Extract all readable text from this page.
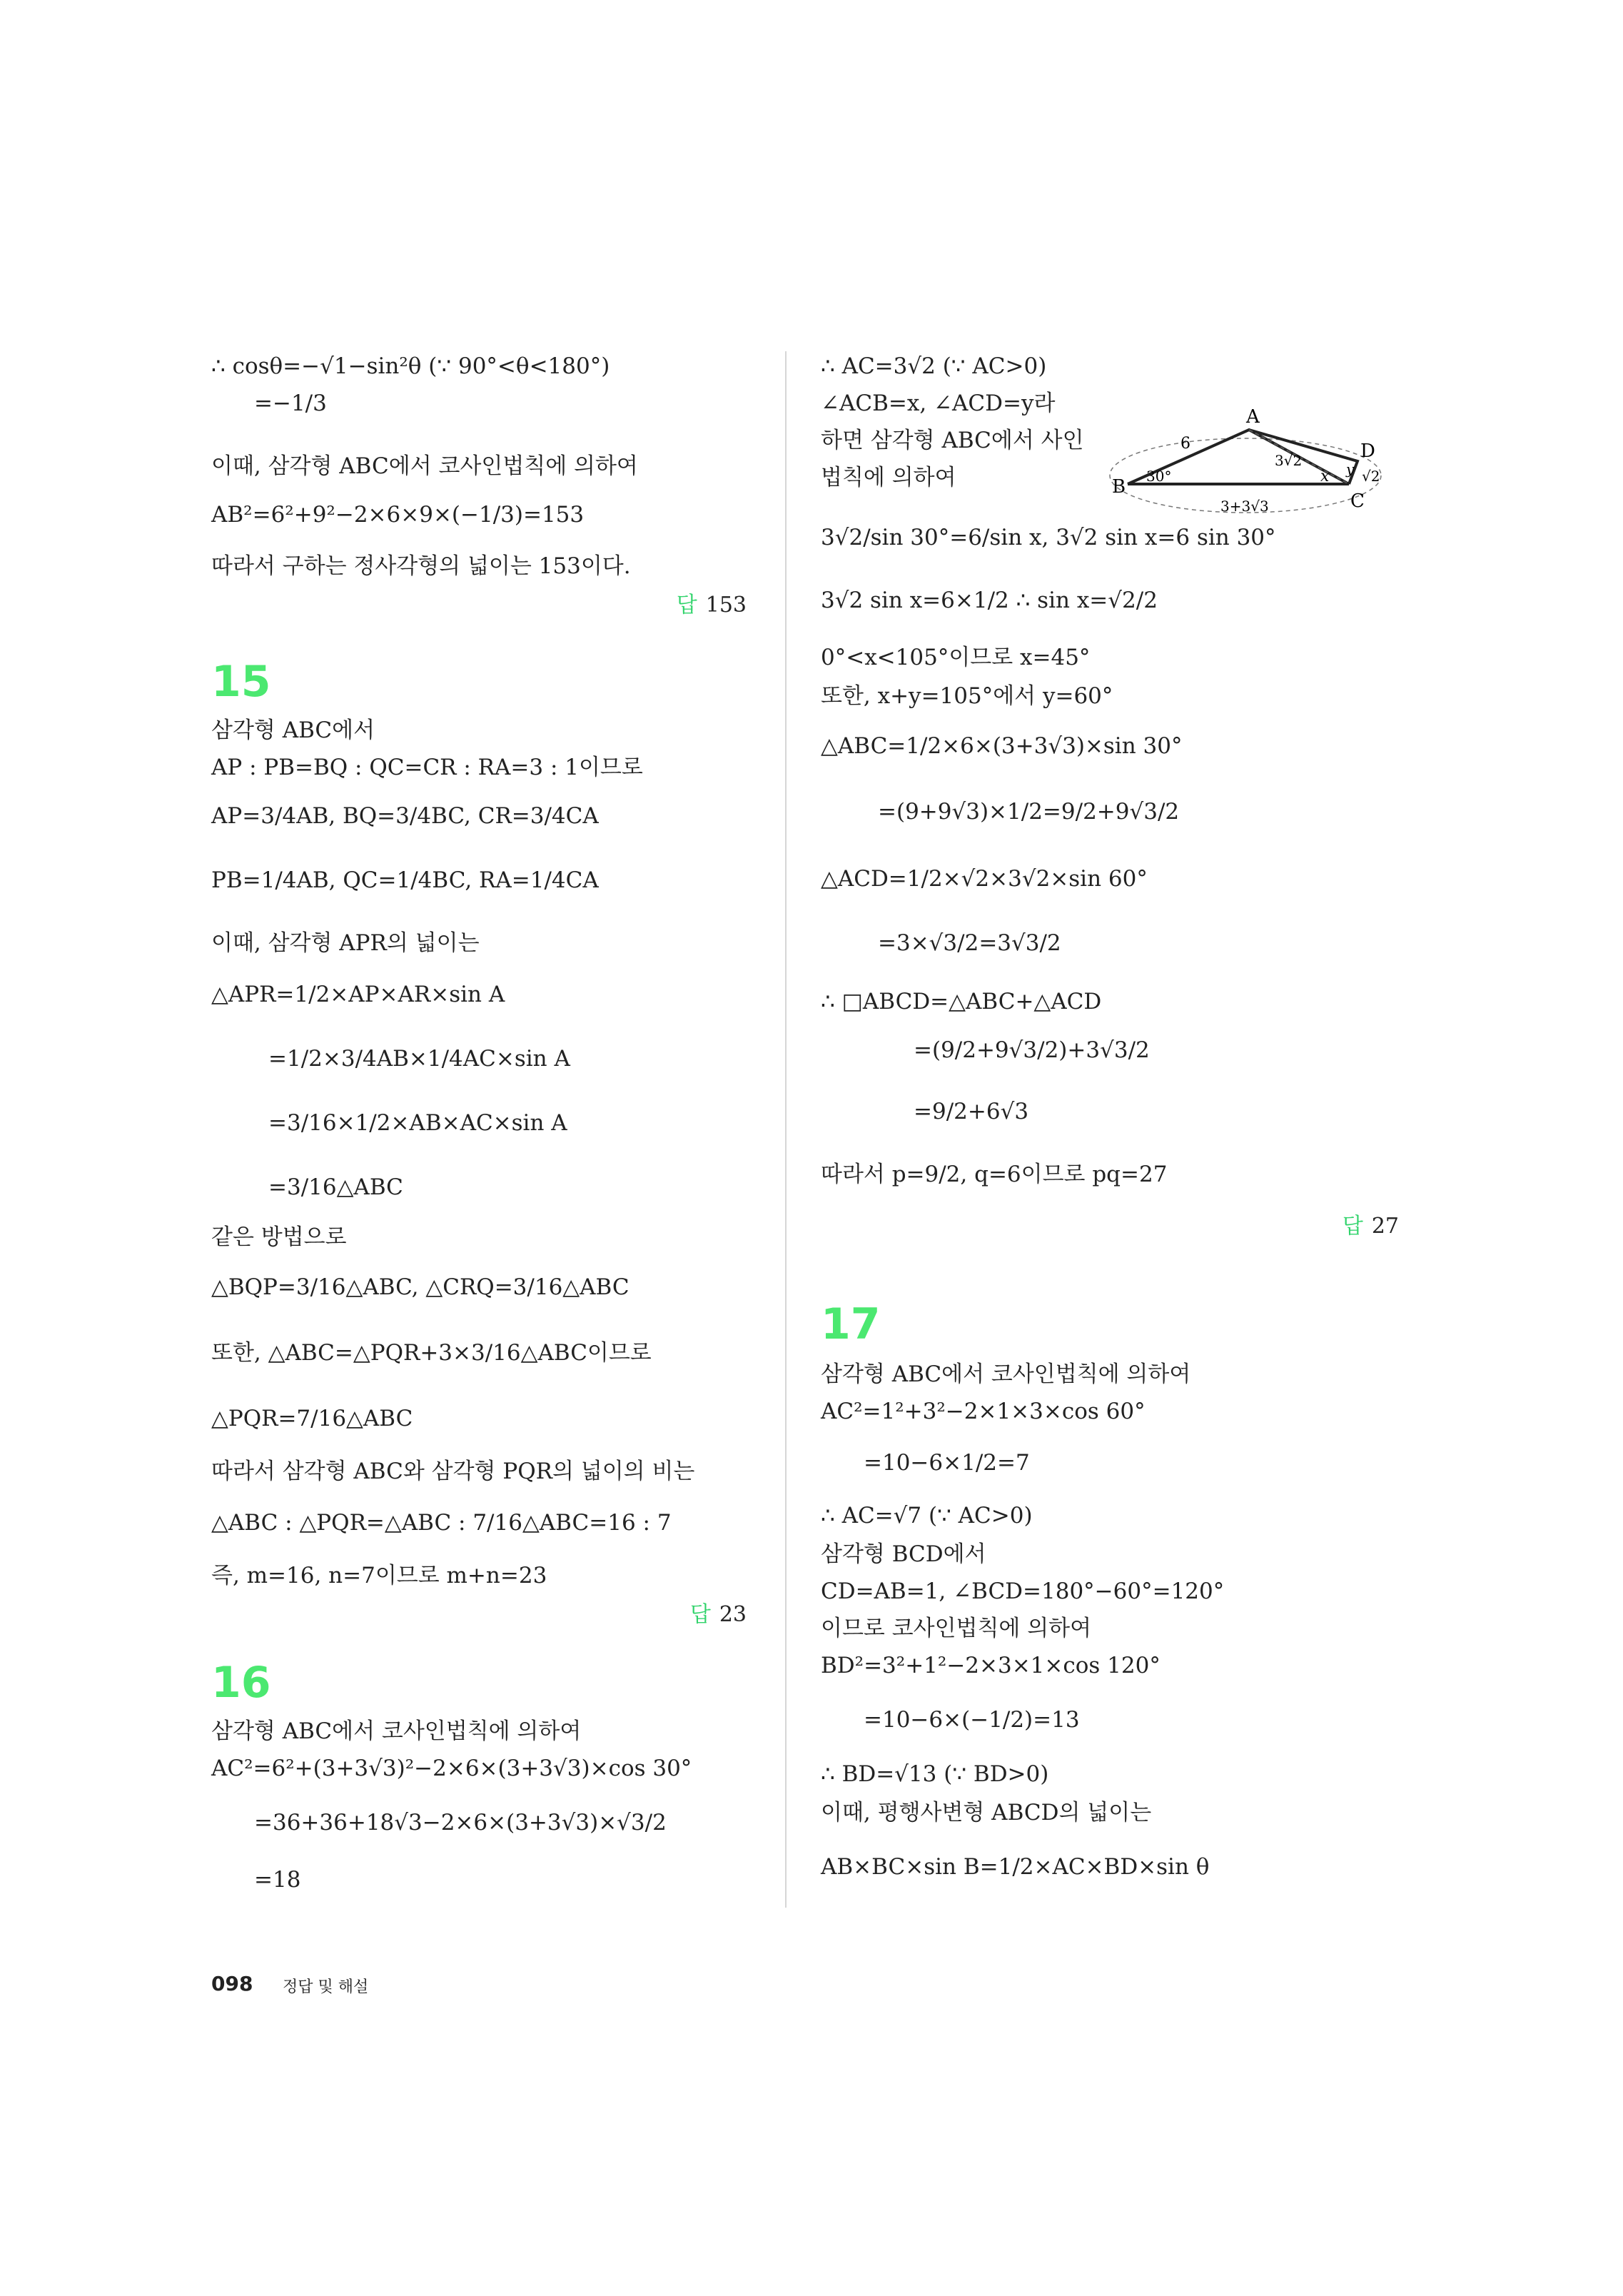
∴ cosθ=−√1−sin²θ (∵ 90°<θ<180°)
=−1/3
이때, 삼각형 ABC에서 코사인법칙에 의하여
AB²=6²+9²−2×6×9×(−1/3)=153
따라서 구하는 정사각형의 넓이는 153이다.
답 153
15
삼각형 ABC에서
AP : PB=BQ : QC=CR : RA=3 : 1이므로
AP=3/4AB, BQ=3/4BC, CR=3/4CA
PB=1/4AB, QC=1/4BC, RA=1/4CA
이때, 삼각형 APR의 넓이는
△APR=1/2×AP×AR×sin A
=1/2×3/4AB×1/4AC×sin A
=3/16×1/2×AB×AC×sin A
=3/16△ABC
같은 방법으로
△BQP=3/16△ABC, △CRQ=3/16△ABC
또한, △ABC=△PQR+3×3/16△ABC이므로
△PQR=7/16△ABC
따라서 삼각형 ABC와 삼각형 PQR의 넓이의 비는
△ABC : △PQR=△ABC : 7/16△ABC=16 : 7
즉, m=16, n=7이므로 m+n=23
답 23
16
삼각형 ABC에서 코사인법칙에 의하여
AC²=6²+(3+3√3)²−2×6×(3+3√3)×cos 30°
=36+36+18√3−2×6×(3+3√3)×√3/2
=18
∴ AC=3√2 (∵ AC>0)
∠ACB=x, ∠ACD=y라
하면 삼각형 ABC에서 사인
법칙에 의하여
A
B
C
D
6
3√2
30°	x y √2
3+3√3
3√2/sin 30°=6/sin x, 3√2 sin x=6 sin 30°
3√2 sin x=6×1/2 ∴ sin x=√2/2
0°<x<105°이므로 x=45°
또한, x+y=105°에서 y=60°
△ABC=1/2×6×(3+3√3)×sin 30°
=(9+9√3)×1/2=9/2+9√3/2
△ACD=1/2×√2×3√2×sin 60°
=3×√3/2=3√3/2
∴ □ABCD=△ABC+△ACD
=(9/2+9√3/2)+3√3/2
=9/2+6√3
따라서 p=9/2, q=6이므로 pq=27
답 27
17
삼각형 ABC에서 코사인법칙에 의하여
AC²=1²+3²−2×1×3×cos 60°
=10−6×1/2=7
∴ AC=√7 (∵ AC>0)
삼각형 BCD에서
CD=AB=1, ∠BCD=180°−60°=120°
이므로 코사인법칙에 의하여
BD²=3²+1²−2×3×1×cos 120°
=10−6×(−1/2)=13
∴ BD=√13 (∵ BD>0)
이때, 평행사변형 ABCD의 넓이는
AB×BC×sin B=1/2×AC×BD×sin θ
098 정답 및 해설
